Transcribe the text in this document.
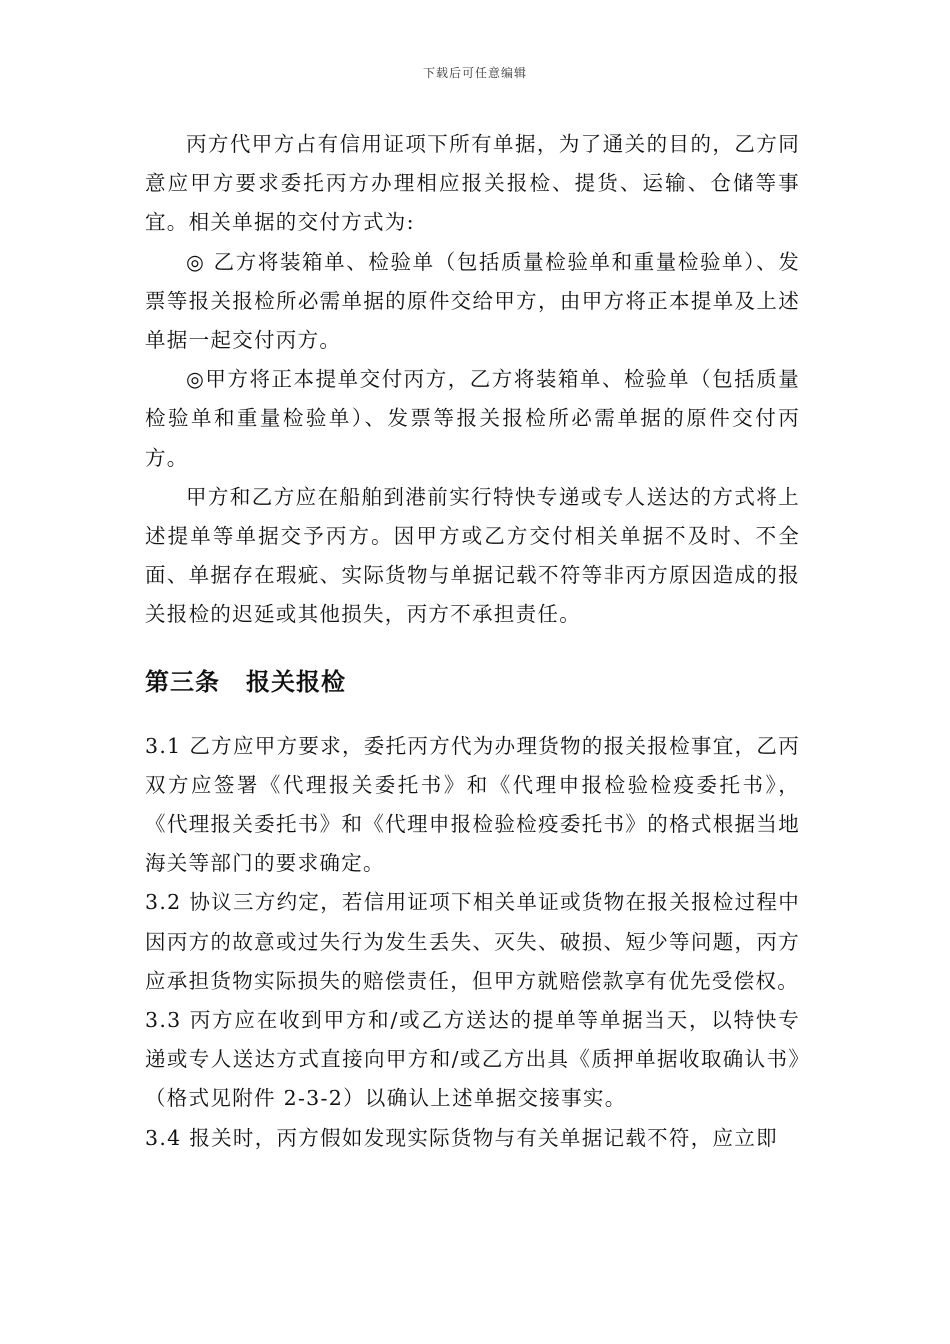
下载后可任意编辑

丙方代甲方占有信用证项下所有单据，为了通关的目的，乙方同意应甲方要求委托丙方办理相应报关报检、提货、运输、仓储等事宜。相关单据的交付方式为:

◎ 乙方将装箱单、检验单（包括质量检验单和重量检验单）、发票等报关报检所必需单据的原件交给甲方，由甲方将正本提单及上述单据一起交付丙方。

◎甲方将正本提单交付丙方，乙方将装箱单、检验单（包括质量检验单和重量检验单）、发票等报关报检所必需单据的原件交付丙方。

甲方和乙方应在船舶到港前实行特快专递或专人送达的方式将上述提单等单据交予丙方。因甲方或乙方交付相关单据不及时、不全面、单据存在瑕疵、实际货物与单据记载不符等非丙方原因造成的报关报检的迟延或其他损失，丙方不承担责任。

第三条 报关报检

3.1 乙方应甲方要求，委托丙方代为办理货物的报关报检事宜，乙丙双方应签署《代理报关委托书》和《代理申报检验检疫委托书》，《代理报关委托书》和《代理申报检验检疫委托书》的格式根据当地海关等部门的要求确定。

3.2 协议三方约定，若信用证项下相关单证或货物在报关报检过程中因丙方的故意或过失行为发生丢失、灭失、破损、短少等问题，丙方应承担货物实际损失的赔偿责任，但甲方就赔偿款享有优先受偿权。

3.3 丙方应在收到甲方和/或乙方送达的提单等单据当天，以特快专递或专人送达方式直接向甲方和/或乙方出具《质押单据收取确认书》（格式见附件 2-3-2）以确认上述单据交接事实。

3.4 报关时，丙方假如发现实际货物与有关单据记载不符，应立即
